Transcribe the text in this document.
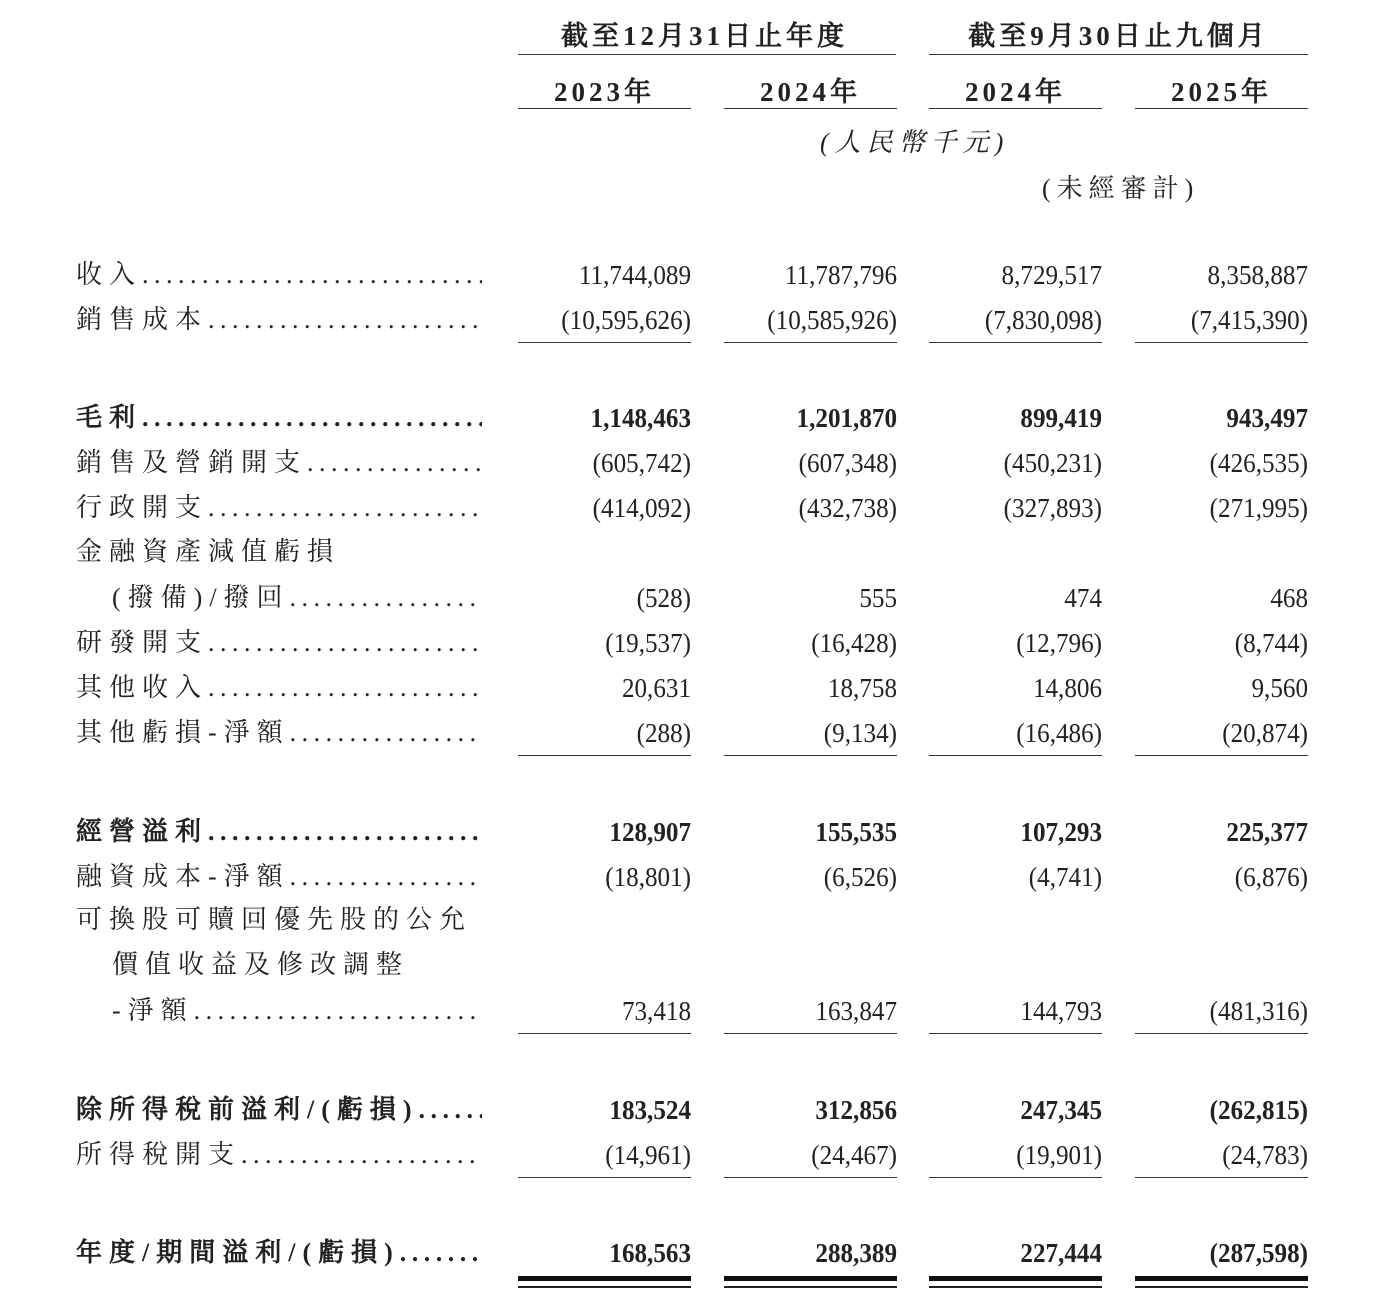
截至12月31日止年度	截至9月30日止九個月
2023年	2024年	2024年	2025年
(人民幣千元)
(未經審計)
收入 .....	11,744,089	11,787,796	8,729,517	8,358,887
銷售成本 .....	(10,595,626)	(10,585,926)	(7,830,098)	(7,415,390)
毛利 .....	1,148,463	1,201,870	899,419	943,497
銷售及營銷開支 .....	(605,742)	(607,348)	(450,231)	(426,535)
行政開支 .....	(414,092)	(432,738)	(327,893)	(271,995)
金融資產減值虧損
(撥備)/撥回 .....	(528)	555	474	468
研發開支 .....	(19,537)	(16,428)	(12,796)	(8,744)
其他收入 .....	20,631	18,758	14,806	9,560
其他虧損-淨額 .....	(288)	(9,134)	(16,486)	(20,874)
經營溢利 .....	128,907	155,535	107,293	225,377
融資成本-淨額 .....	(18,801)	(6,526)	(4,741)	(6,876)
可換股可贖回優先股的公允
價值收益及修改調整
-淨額 .....	73,418	163,847	144,793	(481,316)
除所得稅前溢利/(虧損) .....	183,524	312,856	247,345	(262,815)
所得稅開支 .....	(14,961)	(24,467)	(19,901)	(24,783)
年度/期間溢利/(虧損) .....	168,563	288,389	227,444	(287,598)
